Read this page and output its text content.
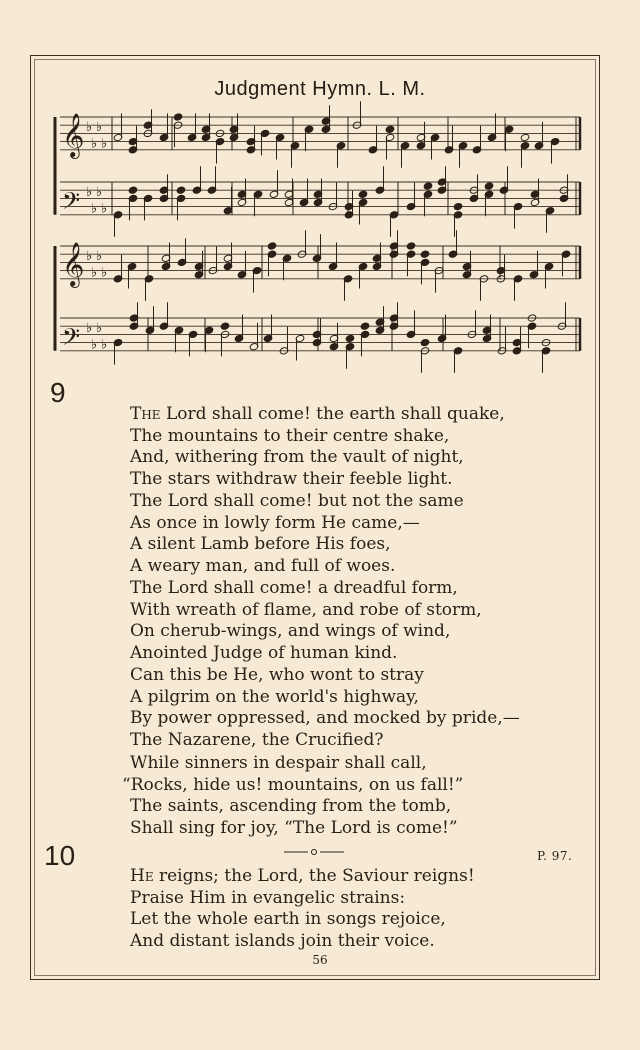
Judgment Hymn. L. M.
𝄞 ♭
♭
♭
♭
𝄢 ♭
♭
♭
♭
𝄞 ♭
♭
♭
♭
𝄢 ♭
♭
♭
♭
9
The Lord shall come! the earth shall quake,
The mountains to their centre shake,
And, withering from the vault of night,
The stars withdraw their feeble light.
The Lord shall come! but not the same
As once in lowly form He came,—
A silent Lamb before His foes,
A weary man, and full of woes.
The Lord shall come! a dreadful form,
With wreath of flame, and robe of storm,
On cherub-wings, and wings of wind,
Anointed Judge of human kind.
Can this be He, who wont to stray
A pilgrim on the world's highway,
By power oppressed, and mocked by pride,—
The Nazarene, the Crucified?
While sinners in despair shall call,
“Rocks, hide us! mountains, on us fall!”
The saints, ascending from the tomb,
Shall sing for joy, “The Lord is come!”
10	P. 97.
He reigns; the Lord, the Saviour reigns!
Praise Him in evangelic strains:
Let the whole earth in songs rejoice,
And distant islands join their voice.
56
